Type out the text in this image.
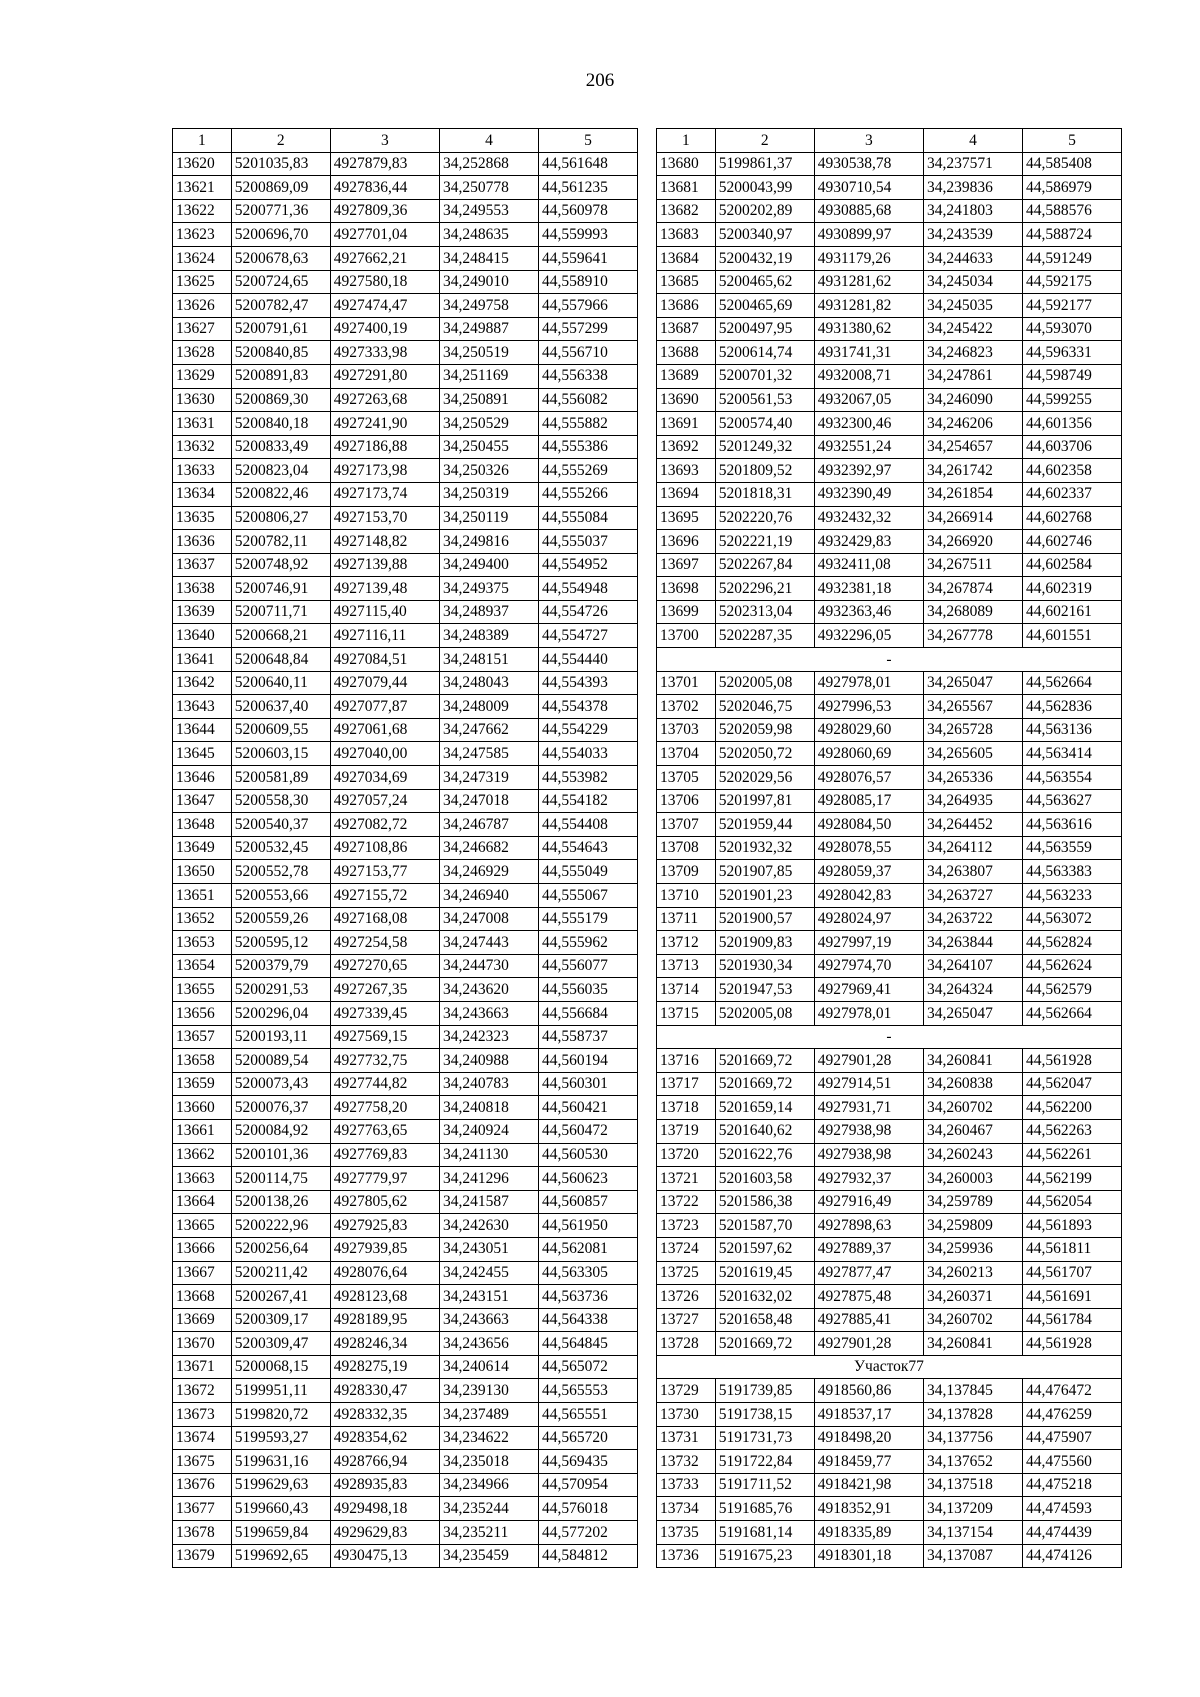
206
1	2	3	4	5
13620	5201035,83	4927879,83	34,252868	44,561648
13621	5200869,09	4927836,44	34,250778	44,561235
13622	5200771,36	4927809,36	34,249553	44,560978
13623	5200696,70	4927701,04	34,248635	44,559993
13624	5200678,63	4927662,21	34,248415	44,559641
13625	5200724,65	4927580,18	34,249010	44,558910
13626	5200782,47	4927474,47	34,249758	44,557966
13627	5200791,61	4927400,19	34,249887	44,557299
13628	5200840,85	4927333,98	34,250519	44,556710
13629	5200891,83	4927291,80	34,251169	44,556338
13630	5200869,30	4927263,68	34,250891	44,556082
13631	5200840,18	4927241,90	34,250529	44,555882
13632	5200833,49	4927186,88	34,250455	44,555386
13633	5200823,04	4927173,98	34,250326	44,555269
13634	5200822,46	4927173,74	34,250319	44,555266
13635	5200806,27	4927153,70	34,250119	44,555084
13636	5200782,11	4927148,82	34,249816	44,555037
13637	5200748,92	4927139,88	34,249400	44,554952
13638	5200746,91	4927139,48	34,249375	44,554948
13639	5200711,71	4927115,40	34,248937	44,554726
13640	5200668,21	4927116,11	34,248389	44,554727
13641	5200648,84	4927084,51	34,248151	44,554440
13642	5200640,11	4927079,44	34,248043	44,554393
13643	5200637,40	4927077,87	34,248009	44,554378
13644	5200609,55	4927061,68	34,247662	44,554229
13645	5200603,15	4927040,00	34,247585	44,554033
13646	5200581,89	4927034,69	34,247319	44,553982
13647	5200558,30	4927057,24	34,247018	44,554182
13648	5200540,37	4927082,72	34,246787	44,554408
13649	5200532,45	4927108,86	34,246682	44,554643
13650	5200552,78	4927153,77	34,246929	44,555049
13651	5200553,66	4927155,72	34,246940	44,555067
13652	5200559,26	4927168,08	34,247008	44,555179
13653	5200595,12	4927254,58	34,247443	44,555962
13654	5200379,79	4927270,65	34,244730	44,556077
13655	5200291,53	4927267,35	34,243620	44,556035
13656	5200296,04	4927339,45	34,243663	44,556684
13657	5200193,11	4927569,15	34,242323	44,558737
13658	5200089,54	4927732,75	34,240988	44,560194
13659	5200073,43	4927744,82	34,240783	44,560301
13660	5200076,37	4927758,20	34,240818	44,560421
13661	5200084,92	4927763,65	34,240924	44,560472
13662	5200101,36	4927769,83	34,241130	44,560530
13663	5200114,75	4927779,97	34,241296	44,560623
13664	5200138,26	4927805,62	34,241587	44,560857
13665	5200222,96	4927925,83	34,242630	44,561950
13666	5200256,64	4927939,85	34,243051	44,562081
13667	5200211,42	4928076,64	34,242455	44,563305
13668	5200267,41	4928123,68	34,243151	44,563736
13669	5200309,17	4928189,95	34,243663	44,564338
13670	5200309,47	4928246,34	34,243656	44,564845
13671	5200068,15	4928275,19	34,240614	44,565072
13672	5199951,11	4928330,47	34,239130	44,565553
13673	5199820,72	4928332,35	34,237489	44,565551
13674	5199593,27	4928354,62	34,234622	44,565720
13675	5199631,16	4928766,94	34,235018	44,569435
13676	5199629,63	4928935,83	34,234966	44,570954
13677	5199660,43	4929498,18	34,235244	44,576018
13678	5199659,84	4929629,83	34,235211	44,577202
13679	5199692,65	4930475,13	34,235459	44,584812
1	2	3	4	5
13680	5199861,37	4930538,78	34,237571	44,585408
13681	5200043,99	4930710,54	34,239836	44,586979
13682	5200202,89	4930885,68	34,241803	44,588576
13683	5200340,97	4930899,97	34,243539	44,588724
13684	5200432,19	4931179,26	34,244633	44,591249
13685	5200465,62	4931281,62	34,245034	44,592175
13686	5200465,69	4931281,82	34,245035	44,592177
13687	5200497,95	4931380,62	34,245422	44,593070
13688	5200614,74	4931741,31	34,246823	44,596331
13689	5200701,32	4932008,71	34,247861	44,598749
13690	5200561,53	4932067,05	34,246090	44,599255
13691	5200574,40	4932300,46	34,246206	44,601356
13692	5201249,32	4932551,24	34,254657	44,603706
13693	5201809,52	4932392,97	34,261742	44,602358
13694	5201818,31	4932390,49	34,261854	44,602337
13695	5202220,76	4932432,32	34,266914	44,602768
13696	5202221,19	4932429,83	34,266920	44,602746
13697	5202267,84	4932411,08	34,267511	44,602584
13698	5202296,21	4932381,18	34,267874	44,602319
13699	5202313,04	4932363,46	34,268089	44,602161
13700	5202287,35	4932296,05	34,267778	44,601551
-				
13701	5202005,08	4927978,01	34,265047	44,562664
13702	5202046,75	4927996,53	34,265567	44,562836
13703	5202059,98	4928029,60	34,265728	44,563136
13704	5202050,72	4928060,69	34,265605	44,563414
13705	5202029,56	4928076,57	34,265336	44,563554
13706	5201997,81	4928085,17	34,264935	44,563627
13707	5201959,44	4928084,50	34,264452	44,563616
13708	5201932,32	4928078,55	34,264112	44,563559
13709	5201907,85	4928059,37	34,263807	44,563383
13710	5201901,23	4928042,83	34,263727	44,563233
13711	5201900,57	4928024,97	34,263722	44,563072
13712	5201909,83	4927997,19	34,263844	44,562824
13713	5201930,34	4927974,70	34,264107	44,562624
13714	5201947,53	4927969,41	34,264324	44,562579
13715	5202005,08	4927978,01	34,265047	44,562664
-				
13716	5201669,72	4927901,28	34,260841	44,561928
13717	5201669,72	4927914,51	34,260838	44,562047
13718	5201659,14	4927931,71	34,260702	44,562200
13719	5201640,62	4927938,98	34,260467	44,562263
13720	5201622,76	4927938,98	34,260243	44,562261
13721	5201603,58	4927932,37	34,260003	44,562199
13722	5201586,38	4927916,49	34,259789	44,562054
13723	5201587,70	4927898,63	34,259809	44,561893
13724	5201597,62	4927889,37	34,259936	44,561811
13725	5201619,45	4927877,47	34,260213	44,561707
13726	5201632,02	4927875,48	34,260371	44,561691
13727	5201658,48	4927885,41	34,260702	44,561784
13728	5201669,72	4927901,28	34,260841	44,561928
Участок77				
13729	5191739,85	4918560,86	34,137845	44,476472
13730	5191738,15	4918537,17	34,137828	44,476259
13731	5191731,73	4918498,20	34,137756	44,475907
13732	5191722,84	4918459,77	34,137652	44,475560
13733	5191711,52	4918421,98	34,137518	44,475218
13734	5191685,76	4918352,91	34,137209	44,474593
13735	5191681,14	4918335,89	34,137154	44,474439
13736	5191675,23	4918301,18	34,137087	44,474126
